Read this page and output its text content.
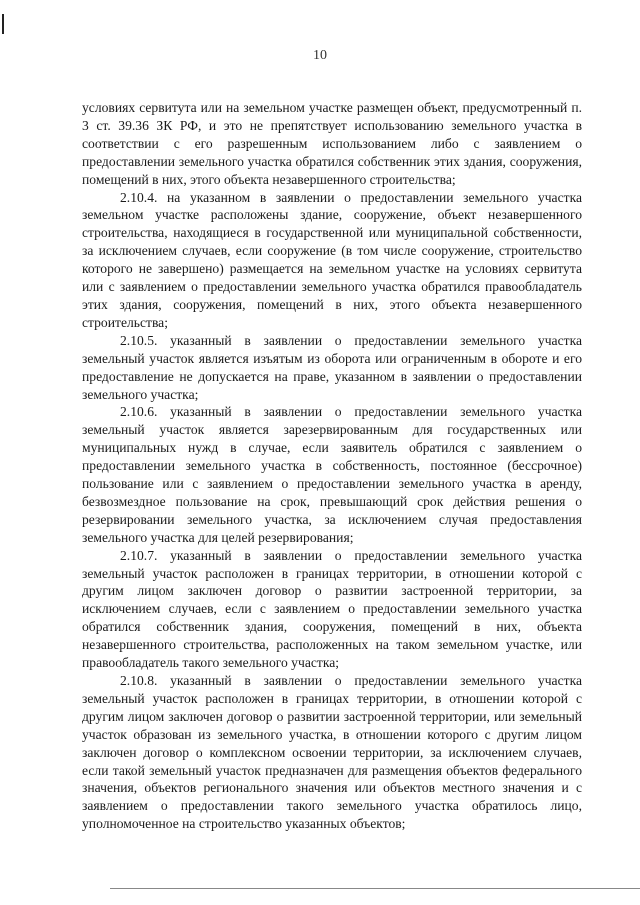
10

условиях сервитута или на земельном участке размещен объект, предусмотренный п. 3 ст. 39.36 ЗК РФ, и это не препятствует использованию земельного участка в соответствии с его разрешенным использованием либо с заявлением о предоставлении земельного участка обратился собственник этих здания, сооружения, помещений в них, этого объекта незавершенного строительства;

2.10.4. на указанном в заявлении о предоставлении земельного участка земельном участке расположены здание, сооружение, объект незавершенного строительства, находящиеся в государственной или муниципальной собственности, за исключением случаев, если сооружение (в том числе сооружение, строительство которого не завершено) размещается на земельном участке на условиях сервитута или с заявлением о предоставлении земельного участка обратился правообладатель этих здания, сооружения, помещений в них, этого объекта незавершенного строительства;

2.10.5. указанный в заявлении о предоставлении земельного участка земельный участок является изъятым из оборота или ограниченным в обороте и его предоставление не допускается на праве, указанном в заявлении о предоставлении земельного участка;

2.10.6. указанный в заявлении о предоставлении земельного участка земельный участок является зарезервированным для государственных или муниципальных нужд в случае, если заявитель обратился с заявлением о предоставлении земельного участка в собственность, постоянное (бессрочное) пользование или с заявлением о предоставлении земельного участка в аренду, безвозмездное пользование на срок, превышающий срок действия решения о резервировании земельного участка, за исключением случая предоставления земельного участка для целей резервирования;

2.10.7. указанный в заявлении о предоставлении земельного участка земельный участок расположен в границах территории, в отношении которой с другим лицом заключен договор о развитии застроенной территории, за исключением случаев, если с заявлением о предоставлении земельного участка обратился собственник здания, сооружения, помещений в них, объекта незавершенного строительства, расположенных на таком земельном участке, или правообладатель такого земельного участка;

2.10.8. указанный в заявлении о предоставлении земельного участка земельный участок расположен в границах территории, в отношении которой с другим лицом заключен договор о развитии застроенной территории, или земельный участок образован из земельного участка, в отношении которого с другим лицом заключен договор о комплексном освоении территории, за исключением случаев, если такой земельный участок предназначен для размещения объектов федерального значения, объектов регионального значения или объектов местного значения и с заявлением о предоставлении такого земельного участка обратилось лицо, уполномоченное на строительство указанных объектов;
